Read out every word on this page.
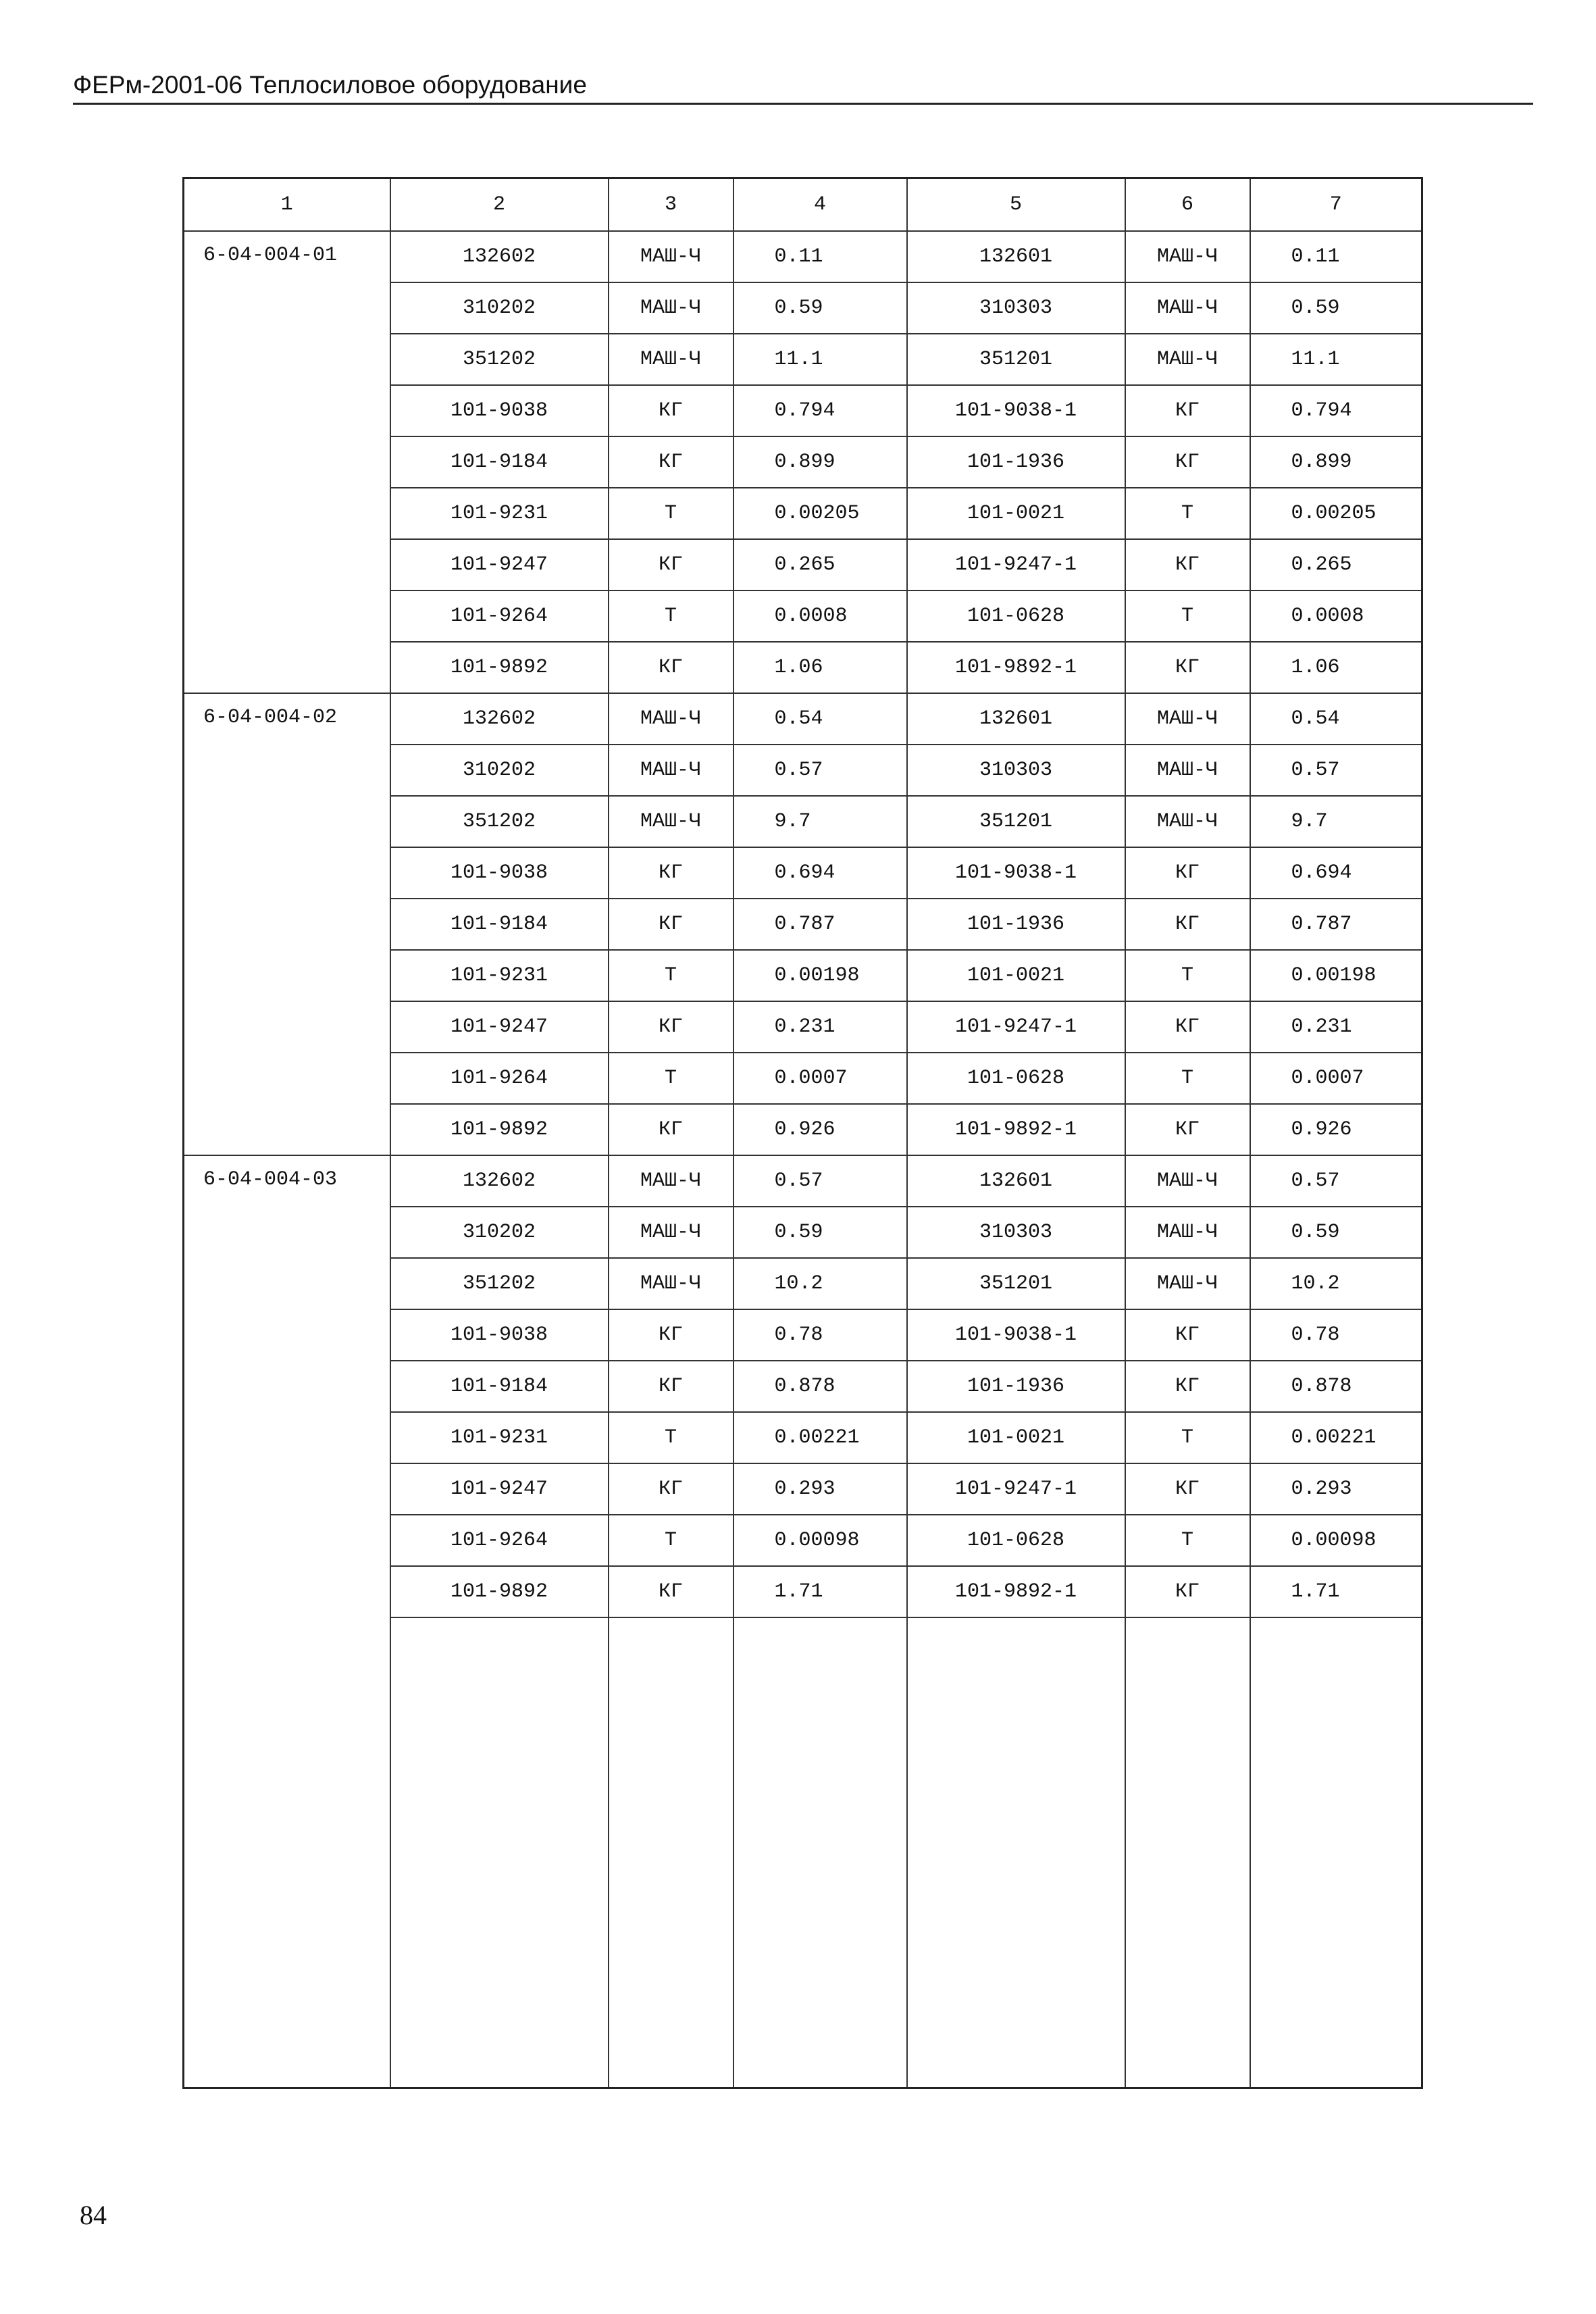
ФЕРм-2001-06 Теплосиловое оборудование
1	2	3	4	5	6	7
6-04-004-01	132602	МАШ-Ч	0.11	132601	МАШ-Ч	0.11
	310202	МАШ-Ч	0.59	310303	МАШ-Ч	0.59
	351202	МАШ-Ч	11.1	351201	МАШ-Ч	11.1
	101-9038	КГ	0.794	101-9038-1	КГ	0.794
	101-9184	КГ	0.899	101-1936	КГ	0.899
	101-9231	Т	0.00205	101-0021	Т	0.00205
	101-9247	КГ	0.265	101-9247-1	КГ	0.265
	101-9264	Т	0.0008	101-0628	Т	0.0008
	101-9892	КГ	1.06	101-9892-1	КГ	1.06
6-04-004-02	132602	МАШ-Ч	0.54	132601	МАШ-Ч	0.54
	310202	МАШ-Ч	0.57	310303	МАШ-Ч	0.57
	351202	МАШ-Ч	9.7	351201	МАШ-Ч	9.7
	101-9038	КГ	0.694	101-9038-1	КГ	0.694
	101-9184	КГ	0.787	101-1936	КГ	0.787
	101-9231	Т	0.00198	101-0021	Т	0.00198
	101-9247	КГ	0.231	101-9247-1	КГ	0.231
	101-9264	Т	0.0007	101-0628	Т	0.0007
	101-9892	КГ	0.926	101-9892-1	КГ	0.926
6-04-004-03	132602	МАШ-Ч	0.57	132601	МАШ-Ч	0.57
	310202	МАШ-Ч	0.59	310303	МАШ-Ч	0.59
	351202	МАШ-Ч	10.2	351201	МАШ-Ч	10.2
	101-9038	КГ	0.78	101-9038-1	КГ	0.78
	101-9184	КГ	0.878	101-1936	КГ	0.878
	101-9231	Т	0.00221	101-0021	Т	0.00221
	101-9247	КГ	0.293	101-9247-1	КГ	0.293
	101-9264	Т	0.00098	101-0628	Т	0.00098
	101-9892	КГ	1.71	101-9892-1	КГ	1.71

84
